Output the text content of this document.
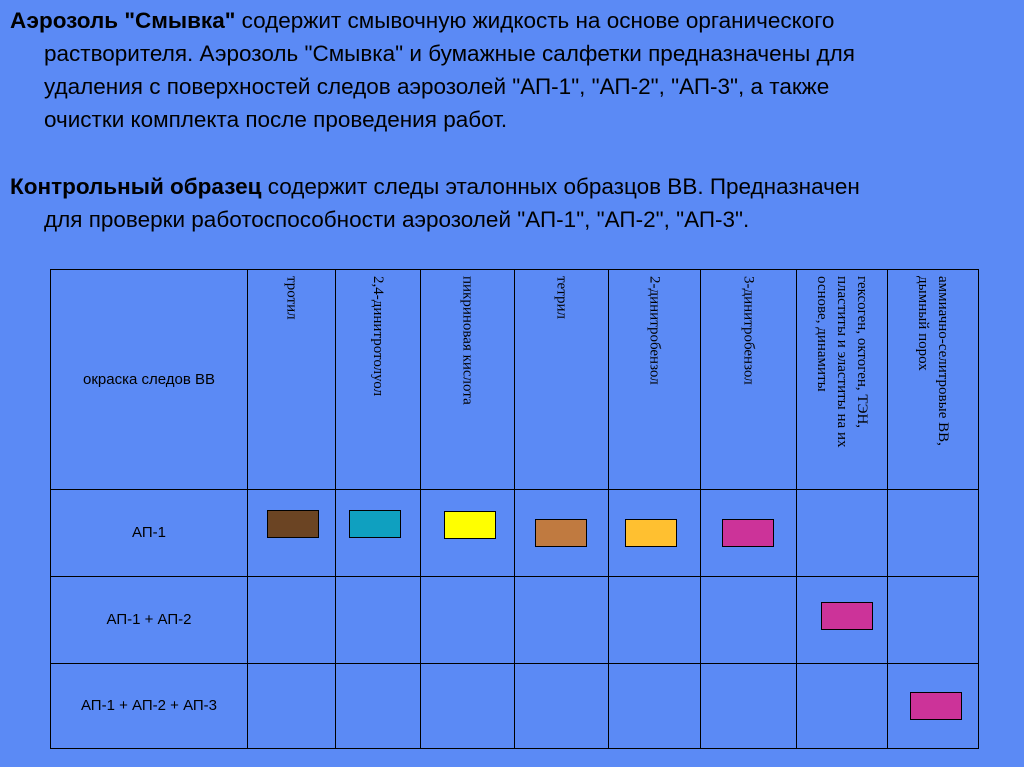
Аэрозоль "Смывка" содержит смывочную жидкость на основе органического
растворителя. Аэрозоль "Смывка" и бумажные салфетки предназначены для
удаления с поверхностей следов аэрозолей "АП-1", "АП-2", "АП-3", а также
очистки комплекта после проведения работ.
Контрольный образец содержит следы эталонных образцов ВВ. Предназначен
для проверки работоспособности аэрозолей "АП-1", "АП-2", "АП-3".
окраска следов ВВ	тротил	2,4-динитротолуол	пикриновая кислота	тетрил	2-динитробензол	3-динитробензол	гексоген, октоген, ТЭН, пластиты и эластиты на их основе, динамиты	аммиачно-селитровые ВВ, дымный порох

АП-1	

АП-1 + АП-2							

АП-1 + АП-2 + АП-3								
